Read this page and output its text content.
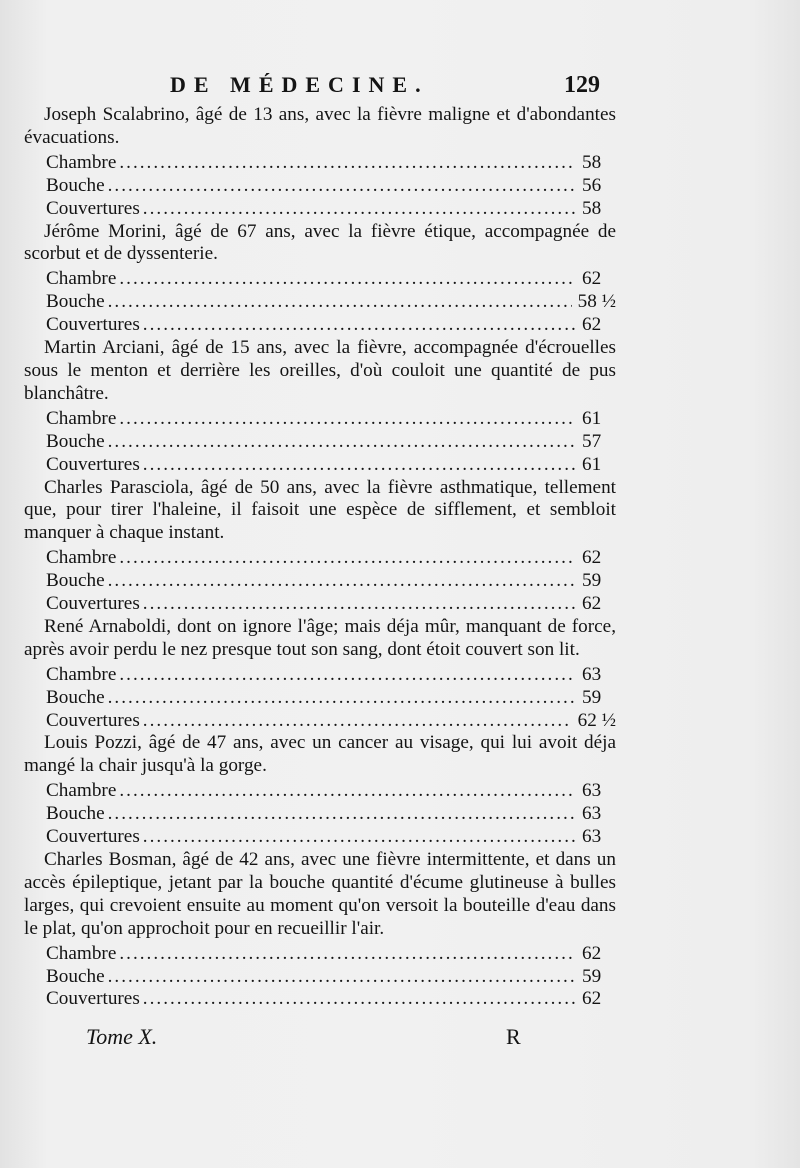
DE MÉDECINE.	129

Joseph Scalabrino, âgé de 13 ans, avec la fièvre maligne et d'abondantes évacuations.

Chambre .....	58
Bouche .....	56
Couvertures .....	58

Jérôme Morini, âgé de 67 ans, avec la fièvre étique, accompagnée de scorbut et de dyssenterie.

Chambre .....	62
Bouche .....	58 ½
Couvertures .....	62

Martin Arciani, âgé de 15 ans, avec la fièvre, accompagnée d'écrouelles sous le menton et derrière les oreilles, d'où couloit une quantité de pus blanchâtre.

Chambre .....	61
Bouche .....	57
Couvertures .....	61

Charles Parasciola, âgé de 50 ans, avec la fièvre asthmatique, tellement que, pour tirer l'haleine, il faisoit une espèce de sifflement, et sembloit manquer à chaque instant.

Chambre .....	62
Bouche .....	59
Couvertures .....	62

René Arnaboldi, dont on ignore l'âge; mais déja mûr, manquant de force, après avoir perdu le nez presque tout son sang, dont étoit couvert son lit.

Chambre .....	63
Bouche .....	59
Couvertures .....	62 ½

Louis Pozzi, âgé de 47 ans, avec un cancer au visage, qui lui avoit déja mangé la chair jusqu'à la gorge.

Chambre .....	63
Bouche .....	63
Couvertures .....	63

Charles Bosman, âgé de 42 ans, avec une fièvre intermittente, et dans un accès épileptique, jetant par la bouche quantité d'écume glutineuse à bulles larges, qui crevoient ensuite au moment qu'on versoit la bouteille d'eau dans le plat, qu'on approchoit pour en recueillir l'air.

Chambre .....	62
Bouche .....	59
Couvertures .....	62
Tome X.	R
